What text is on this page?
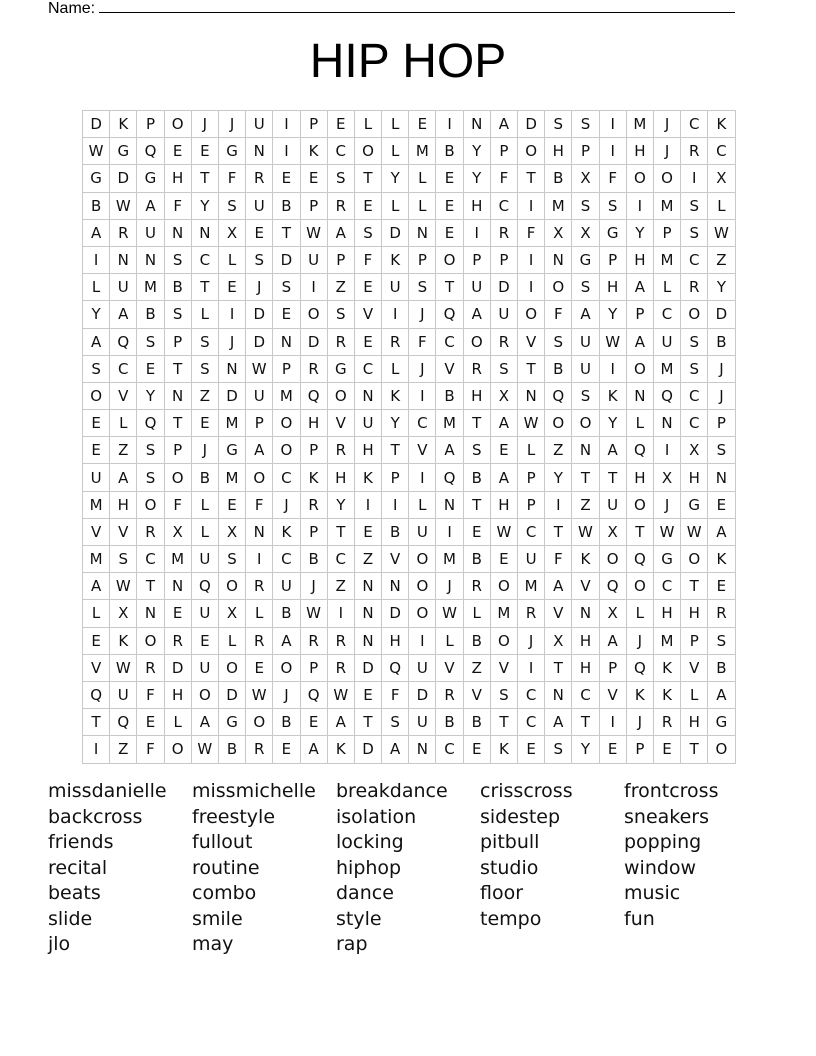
Name:
HIP HOP
D	K	P	O	J	J	U	I	P	E	L	L	E	I	N	A	D	S	S	I	M	J	C	K
W	G	Q	E	E	G	N	I	K	C	O	L	M	B	Y	P	O	H	P	I	H	J	R	C
G	D	G	H	T	F	R	E	E	S	T	Y	L	E	Y	F	T	B	X	F	O	O	I	X
B	W	A	F	Y	S	U	B	P	R	E	L	L	E	H	C	I	M	S	S	I	M	S	L
A	R	U	N	N	X	E	T	W	A	S	D	N	E	I	R	F	X	X	G	Y	P	S	W
I	N	N	S	C	L	S	D	U	P	F	K	P	O	P	P	I	N	G	P	H	M	C	Z
L	U	M	B	T	E	J	S	I	Z	E	U	S	T	U	D	I	O	S	H	A	L	R	Y
Y	A	B	S	L	I	D	E	O	S	V	I	J	Q	A	U	O	F	A	Y	P	C	O	D
A	Q	S	P	S	J	D	N	D	R	E	R	F	C	O	R	V	S	U	W	A	U	S	B
S	C	E	T	S	N	W	P	R	G	C	L	J	V	R	S	T	B	U	I	O	M	S	J
O	V	Y	N	Z	D	U	M	Q	O	N	K	I	B	H	X	N	Q	S	K	N	Q	C	J
E	L	Q	T	E	M	P	O	H	V	U	Y	C	M	T	A	W	O	O	Y	L	N	C	P
E	Z	S	P	J	G	A	O	P	R	H	T	V	A	S	E	L	Z	N	A	Q	I	X	S
U	A	S	O	B	M	O	C	K	H	K	P	I	Q	B	A	P	Y	T	T	H	X	H	N
M	H	O	F	L	E	F	J	R	Y	I	I	L	N	T	H	P	I	Z	U	O	J	G	E
V	V	R	X	L	X	N	K	P	T	E	B	U	I	E	W	C	T	W	X	T	W	W	A
M	S	C	M	U	S	I	C	B	C	Z	V	O	M	B	E	U	F	K	O	Q	G	O	K
A	W	T	N	Q	O	R	U	J	Z	N	N	O	J	R	O	M	A	V	Q	O	C	T	E
L	X	N	E	U	X	L	B	W	I	N	D	O	W	L	M	R	V	N	X	L	H	H	R
E	K	O	R	E	L	R	A	R	R	N	H	I	L	B	O	J	X	H	A	J	M	P	S
V	W	R	D	U	O	E	O	P	R	D	Q	U	V	Z	V	I	T	H	P	Q	K	V	B
Q	U	F	H	O	D	W	J	Q	W	E	F	D	R	V	S	C	N	C	V	K	K	L	A
T	Q	E	L	A	G	O	B	E	A	T	S	U	B	B	T	C	A	T	I	J	R	H	G
I	Z	F	O	W	B	R	E	A	K	D	A	N	C	E	K	E	S	Y	E	P	E	T	O
missdanielle	missmichelle	breakdance	crisscross	frontcross
backcross	freestyle	isolation	sidestep	sneakers
friends	fullout	locking	pitbull	popping
recital	routine	hiphop	studio	window
beats	combo	dance	floor	music
slide	smile	style	tempo	fun
jlo	may	rap
